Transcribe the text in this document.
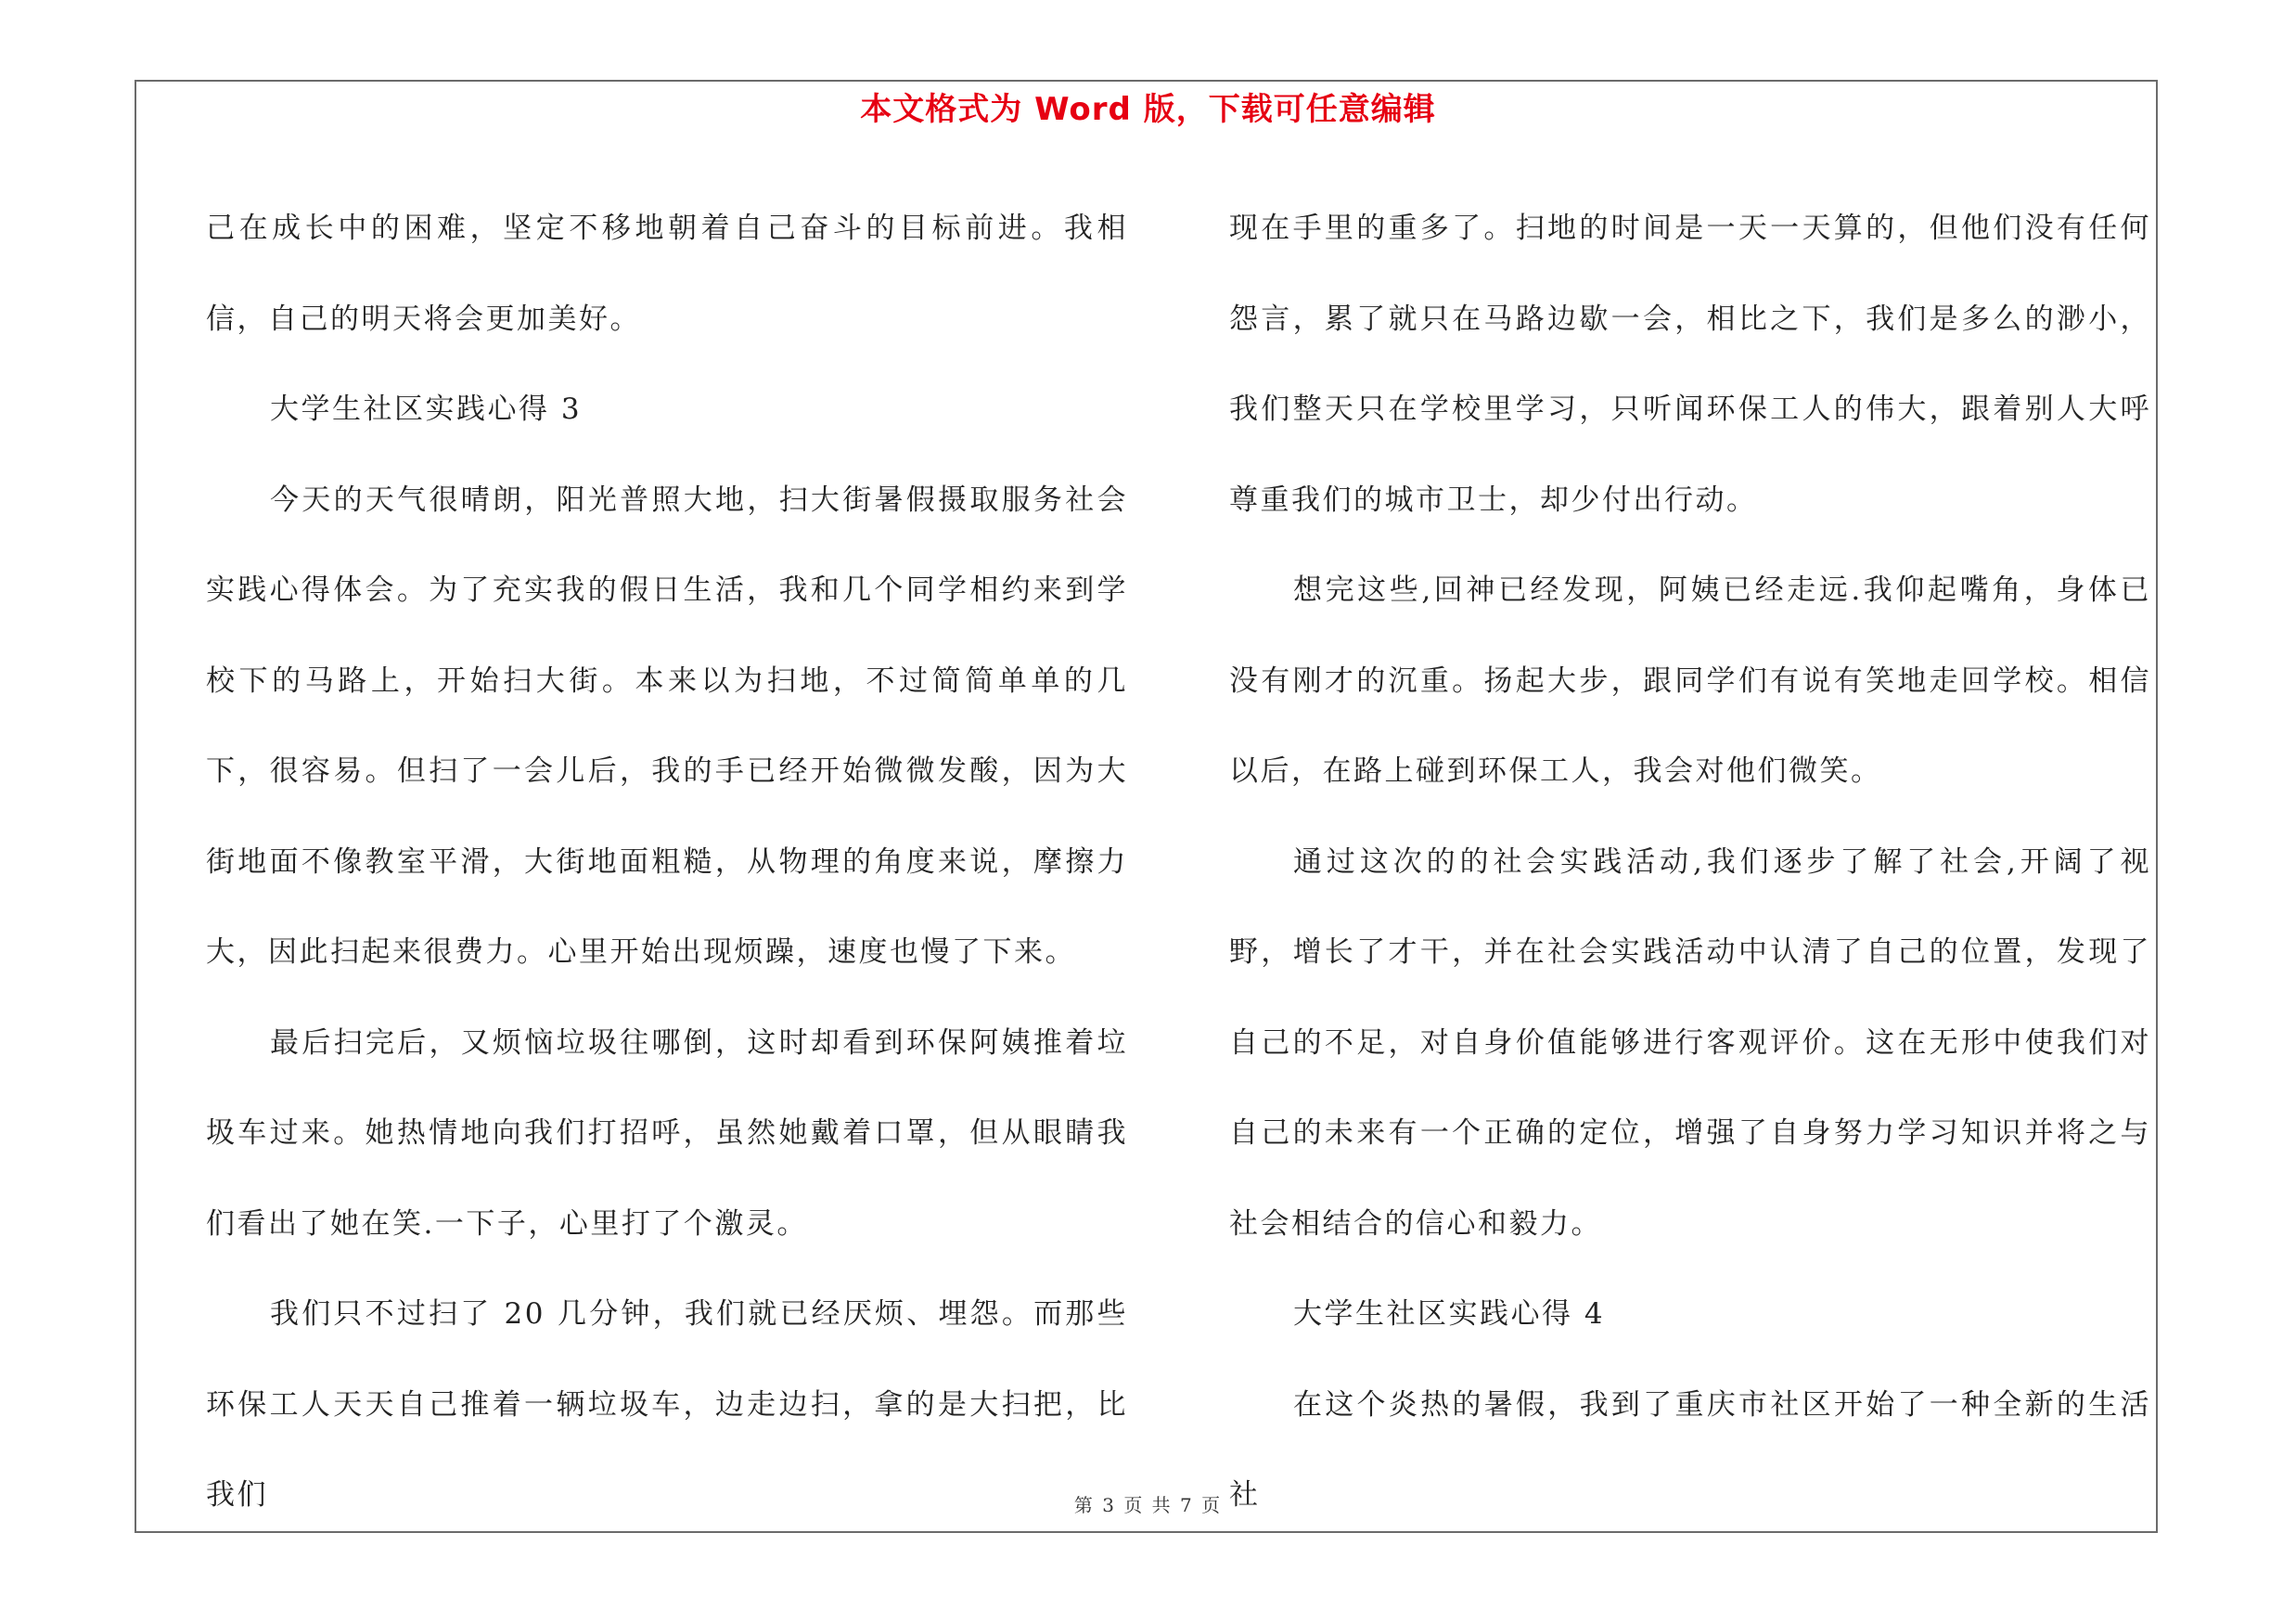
本文格式为 Word 版，下载可任意编辑

己在成长中的困难，坚定不移地朝着自己奋斗的目标前进。我相信，自己的明天将会更加美好。

大学生社区实践心得 3

今天的天气很晴朗，阳光普照大地，扫大街暑假摄取服务社会实践心得体会。为了充实我的假日生活，我和几个同学相约来到学校下的马路上，开始扫大街。本来以为扫地，不过简简单单的几下，很容易。但扫了一会儿后，我的手已经开始微微发酸，因为大街地面不像教室平滑，大街地面粗糙，从物理的角度来说，摩擦力大，因此扫起来很费力。心里开始出现烦躁，速度也慢了下来。

最后扫完后，又烦恼垃圾往哪倒，这时却看到环保阿姨推着垃圾车过来。她热情地向我们打招呼，虽然她戴着口罩，但从眼睛我们看出了她在笑.一下子，心里打了个激灵。

我们只不过扫了 20 几分钟，我们就已经厌烦、埋怨。而那些环保工人天天自己推着一辆垃圾车，边走边扫，拿的是大扫把，比我们

现在手里的重多了。扫地的时间是一天一天算的，但他们没有任何怨言，累了就只在马路边歇一会，相比之下，我们是多么的渺小，我们整天只在学校里学习，只听闻环保工人的伟大，跟着别人大呼尊重我们的城市卫士，却少付出行动。

想完这些,回神已经发现，阿姨已经走远.我仰起嘴角，身体已没有刚才的沉重。扬起大步，跟同学们有说有笑地走回学校。相信以后，在路上碰到环保工人，我会对他们微笑。

通过这次的的社会实践活动,我们逐步了解了社会,开阔了视野，增长了才干，并在社会实践活动中认清了自己的位置，发现了自己的不足，对自身价值能够进行客观评价。这在无形中使我们对自己的未来有一个正确的定位，增强了自身努力学习知识并将之与社会相结合的信心和毅力。

大学生社区实践心得 4

在这个炎热的暑假，我到了重庆市社区开始了一种全新的生活社

第 3 页 共 7 页
